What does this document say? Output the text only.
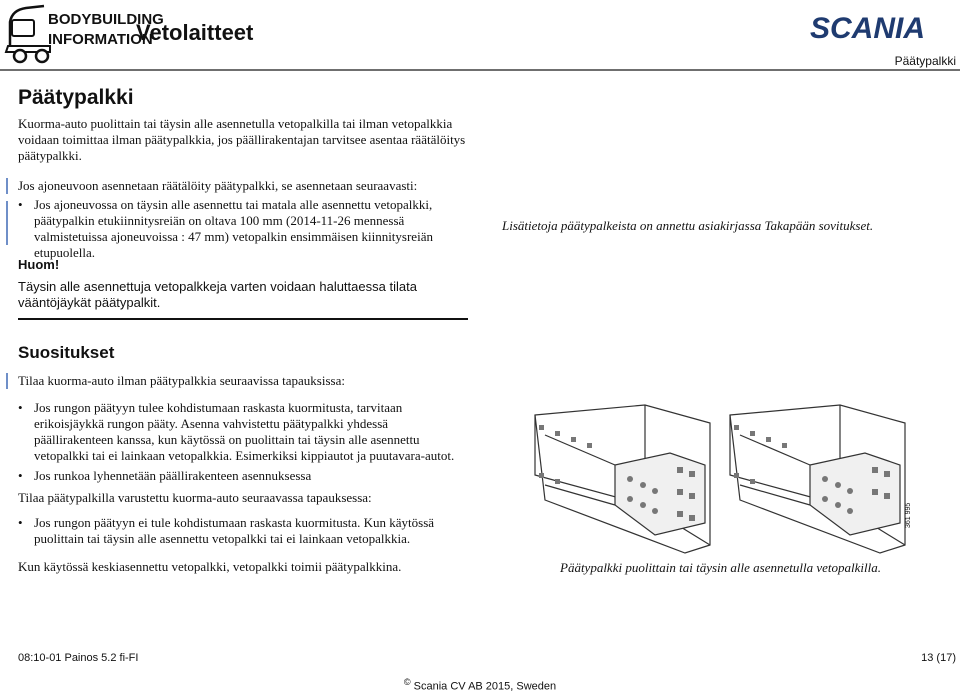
BODYBUILDING
INFORMATION
Vetolaitteet	SCANIA
Päätypalkki
Päätypalkki

Kuorma-auto puolittain tai täysin alle asennetulla vetopalkilla tai ilman vetopalkkia voidaan toimittaa ilman päätypalkkia, jos päällirakentajan tarvitsee asentaa räätälöitys päätypalkki.

Jos ajoneuvoon asennetaan räätälöity päätypalkki, se asennetaan seuraavasti:

• Jos ajoneuvossa on täysin alle asennettu tai matala alle asennettu vetopalkki, päätypalkin etukiinnitysreiän on oltava 100 mm (2014-11-26 mennessä valmistetuissa ajoneuvoissa : 47 mm) vetopalkin ensimmäisen kiinnitysreiän etupuolella.
Lisätietoja päätypalkeista on annettu asiakirjassa Takapään sovitukset.
Huom!
Täysin alle asennettuja vetopalkkeja varten voidaan haluttaessa tilata vääntöjäykät päätypalkit.
Suositukset

Tilaa kuorma-auto ilman päätypalkkia seuraavissa tapauksissa:

• Jos rungon päätyyn tulee kohdistumaan raskasta kuormitusta, tarvitaan erikoisjäykkä rungon pääty. Asenna vahvistettu päätypalkki yhdessä päällirakenteen kanssa, kun käytössä on puolittain tai täysin alle asennettu vetopalkki tai ei lainkaan vetopalkkia. Esimerkiksi kippiautot ja puutavara-autot.
• Jos runkoa lyhennetään päällirakenteen asennuksessa

Tilaa päätypalkilla varustettu kuorma-auto seuraavassa tapauksessa:

• Jos rungon päätyyn ei tule kohdistumaan raskasta kuormitusta. Kun käytössä puolittain tai täysin alle asennettu vetopalkki tai ei lainkaan vetopalkkia.

Kun käytössä keskiasennettu vetopalkki, vetopalkki toimii päätypalkkina.

361 995
Päätypalkki puolittain tai täysin alle asennetulla vetopalkilla.
08:10-01 Painos 5.2 fi-FI	13 (17)
© Scania CV AB 2015, Sweden
